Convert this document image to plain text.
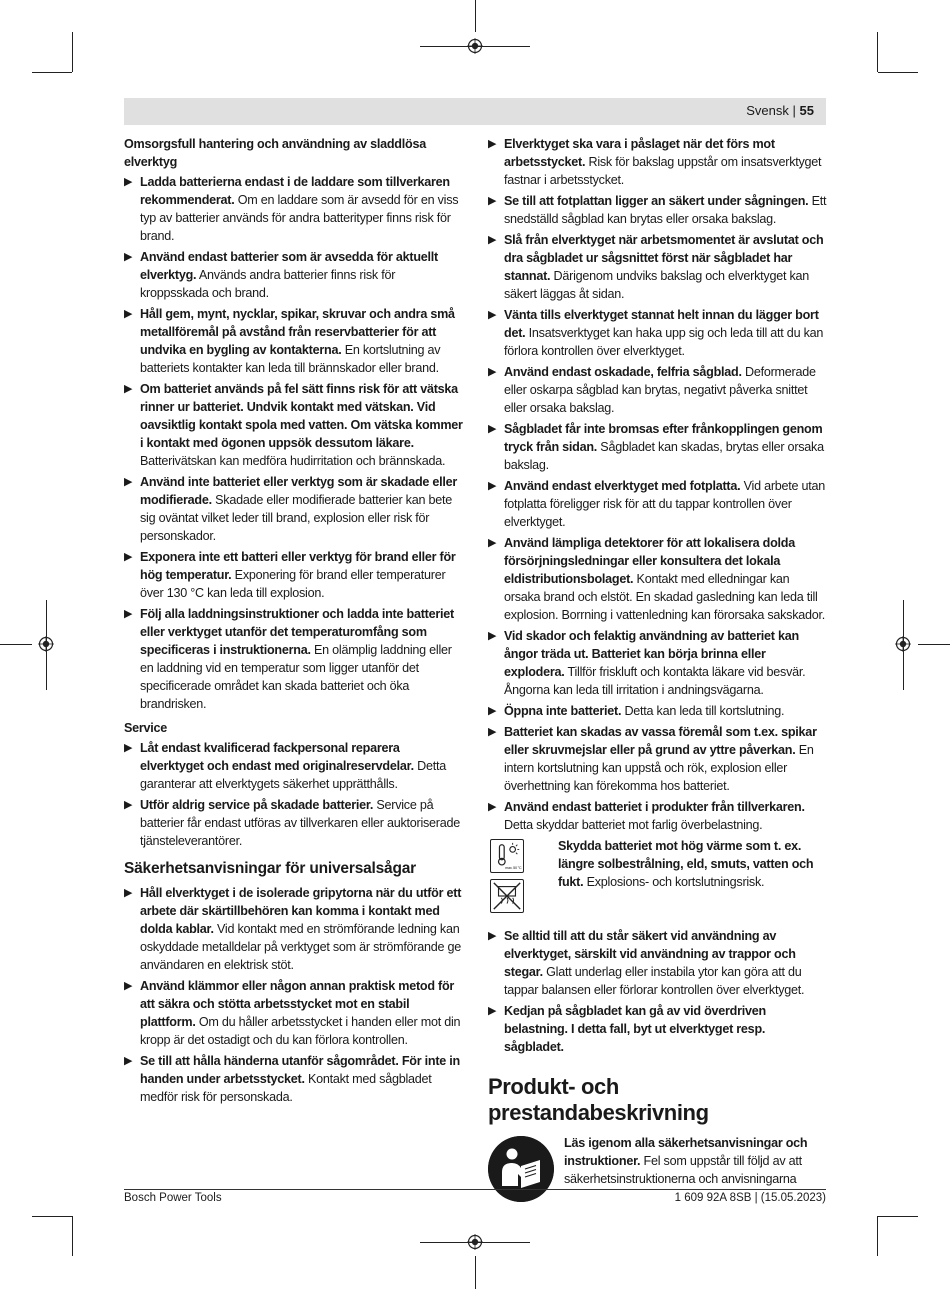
Svensk | 55
Omsorgsfull hantering och användning av sladdlösa elverktyg
▶ Ladda batterierna endast i de laddare som tillverkaren rekommenderat. Om en laddare som är avsedd för en viss typ av batterier används för andra batterityper finns risk för brand.
▶ Använd endast batterier som är avsedda för aktuellt elverktyg. Används andra batterier finns risk för kroppsskada och brand.
▶ Håll gem, mynt, nycklar, spikar, skruvar och andra små metallföremål på avstånd från reservbatterier för att undvika en bygling av kontakterna. En kortslutning av batteriets kontakter kan leda till brännskador eller brand.
▶ Om batteriet används på fel sätt finns risk för att vätska rinner ur batteriet. Undvik kontakt med vätskan. Vid oavsiktlig kontakt spola med vatten. Om vätska kommer i kontakt med ögonen uppsök dessutom läkare. Batterivätskan kan medföra hudirritation och brännskada.
▶ Använd inte batteriet eller verktyg som är skadade eller modifierade. Skadade eller modifierade batterier kan bete sig oväntat vilket leder till brand, explosion eller risk för personskador.
▶ Exponera inte ett batteri eller verktyg för brand eller för hög temperatur. Exponering för brand eller temperaturer över 130 °C kan leda till explosion.
▶ Följ alla laddningsinstruktioner och ladda inte batteriet eller verktyget utanför det temperaturomfång som specificeras i instruktionerna. En olämplig laddning eller en laddning vid en temperatur som ligger utanför det specificerade området kan skada batteriet och öka brandrisken.
Service
▶ Låt endast kvalificerad fackpersonal reparera elverktyget och endast med originalreservdelar. Detta garanterar att elverktygets säkerhet upprätthålls.
▶ Utför aldrig service på skadade batterier. Service på batterier får endast utföras av tillverkaren eller auktoriserade tjänsteleverantörer.
Säkerhetsanvisningar för universalsågar
▶ Håll elverktyget i de isolerade gripytorna när du utför ett arbete där skärtillbehören kan komma i kontakt med dolda kablar. Vid kontakt med en strömförande ledning kan oskyddade metalldelar på verktyget som är strömförande ge användaren en elektrisk stöt.
▶ Använd klämmor eller någon annan praktisk metod för att säkra och stötta arbetsstycket mot en stabil plattform. Om du håller arbetsstycket i handen eller mot din kropp är det ostadigt och du kan förlora kontrollen.
▶ Se till att hålla händerna utanför sågområdet. För inte in handen under arbetsstycket. Kontakt med sågbladet medför risk för personskada.
▶ Elverktyget ska vara i påslaget när det förs mot arbetsstycket. Risk för bakslag uppstår om insatsverktyget fastnar i arbetsstycket.
▶ Se till att fotplattan ligger an säkert under sågningen. Ett snedställd sågblad kan brytas eller orsaka bakslag.
▶ Slå från elverktyget när arbetsmomentet är avslutat och dra sågbladet ur sågsnittet först när sågbladet har stannat. Därigenom undviks bakslag och elverktyget kan säkert läggas åt sidan.
▶ Vänta tills elverktyget stannat helt innan du lägger bort det. Insatsverktyget kan haka upp sig och leda till att du kan förlora kontrollen över elverktyget.
▶ Använd endast oskadade, felfria sågblad. Deformerade eller oskarpa sågblad kan brytas, negativt påverka snittet eller orsaka bakslag.
▶ Sågbladet får inte bromsas efter frånkopplingen genom tryck från sidan. Sågbladet kan skadas, brytas eller orsaka bakslag.
▶ Använd endast elverktyget med fotplatta. Vid arbete utan fotplatta föreligger risk för att du tappar kontrollen över elverktyget.
▶ Använd lämpliga detektorer för att lokalisera dolda försörjningsledningar eller konsultera det lokala eldistributionsbolaget. Kontakt med elledningar kan orsaka brand och elstöt. En skadad gasledning kan leda till explosion. Borrning i vattenledning kan förorsaka sakskador.
▶ Vid skador och felaktig användning av batteriet kan ångor träda ut. Batteriet kan börja brinna eller explodera. Tillför friskluft och kontakta läkare vid besvär. Ångorna kan leda till irritation i andningsvägarna.
▶ Öppna inte batteriet. Detta kan leda till kortslutning.
▶ Batteriet kan skadas av vassa föremål som t.ex. spikar eller skruvmejslar eller på grund av yttre påverkan. En intern kortslutning kan uppstå och rök, explosion eller överhettning kan förekomma hos batteriet.
▶ Använd endast batteriet i produkter från tillverkaren. Detta skyddar batteriet mot farlig överbelastning.
max. 50 °C
Skydda batteriet mot hög värme som t. ex. längre solbestrålning, eld, smuts, vatten och fukt. Explosions- och kortslutningsrisk.
▶ Se alltid till att du står säkert vid användning av elverktyget, särskilt vid användning av trappor och stegar. Glatt underlag eller instabila ytor kan göra att du tappar balansen eller förlorar kontrollen över elverktyget.
▶ Kedjan på sågbladet kan gå av vid överdriven belastning. I detta fall, byt ut elverktyget resp. sågbladet.
Produkt- och prestandabeskrivning
Läs igenom alla säkerhetsanvisningar och instruktioner. Fel som uppstår till följd av att säkerhetsinstruktionerna och anvisningarna
Bosch Power Tools	1 609 92A 8SB | (15.05.2023)
